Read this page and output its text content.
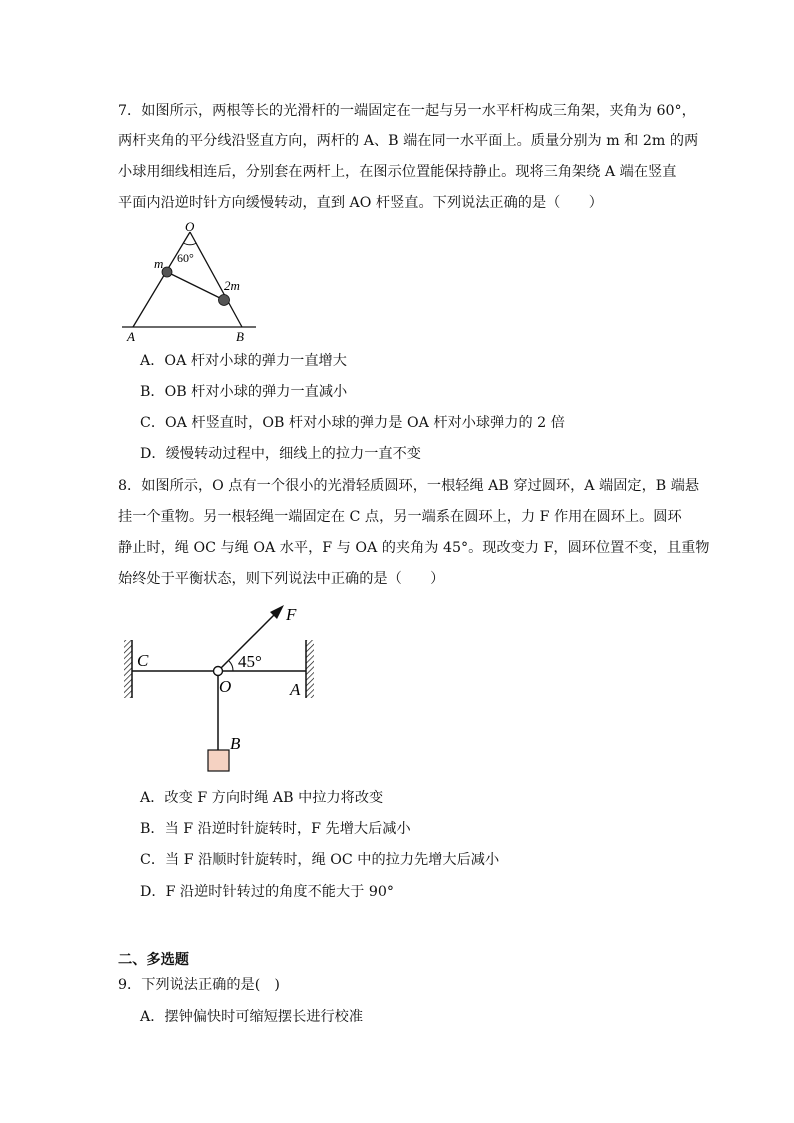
7．如图所示，两根等长的光滑杆的一端固定在一起与另一水平杆构成三角架，夹角为 60°，
两杆夹角的平分线沿竖直方向，两杆的 A、B 端在同一水平面上。质量分别为 m 和 2m 的两
小球用细线相连后，分别套在两杆上，在图示位置能保持静止。现将三角架绕 A 端在竖直
平面内沿逆时针方向缓慢转动，直到 AO 杆竖直。下列说法正确的是（　　）
O
60°
m
2m
A	B
A．OA 杆对小球的弹力一直增大
B．OB 杆对小球的弹力一直减小
C．OA 杆竖直时，OB 杆对小球的弹力是 OA 杆对小球弹力的 2 倍
D．缓慢转动过程中，细线上的拉力一直不变
8．如图所示，O 点有一个很小的光滑轻质圆环，一根轻绳 AB 穿过圆环，A 端固定，B 端悬
挂一个重物。另一根轻绳一端固定在 C 点，另一端系在圆环上，力 F 作用在圆环上。圆环
静止时，绳 OC 与绳 OA 水平，F 与 OA 的夹角为 45°。现改变力 F，圆环位置不变，且重物
始终处于平衡状态，则下列说法中正确的是（　　）
F
C
O	A
B
45°
A．改变 F 方向时绳 AB 中拉力将改变
B．当 F 沿逆时针旋转时，F 先增大后减小
C．当 F 沿顺时针旋转时，绳 OC 中的拉力先增大后减小
D．F 沿逆时针转过的角度不能大于 90°
二、多选题
9．下列说法正确的是(　)
A．摆钟偏快时可缩短摆长进行校准
